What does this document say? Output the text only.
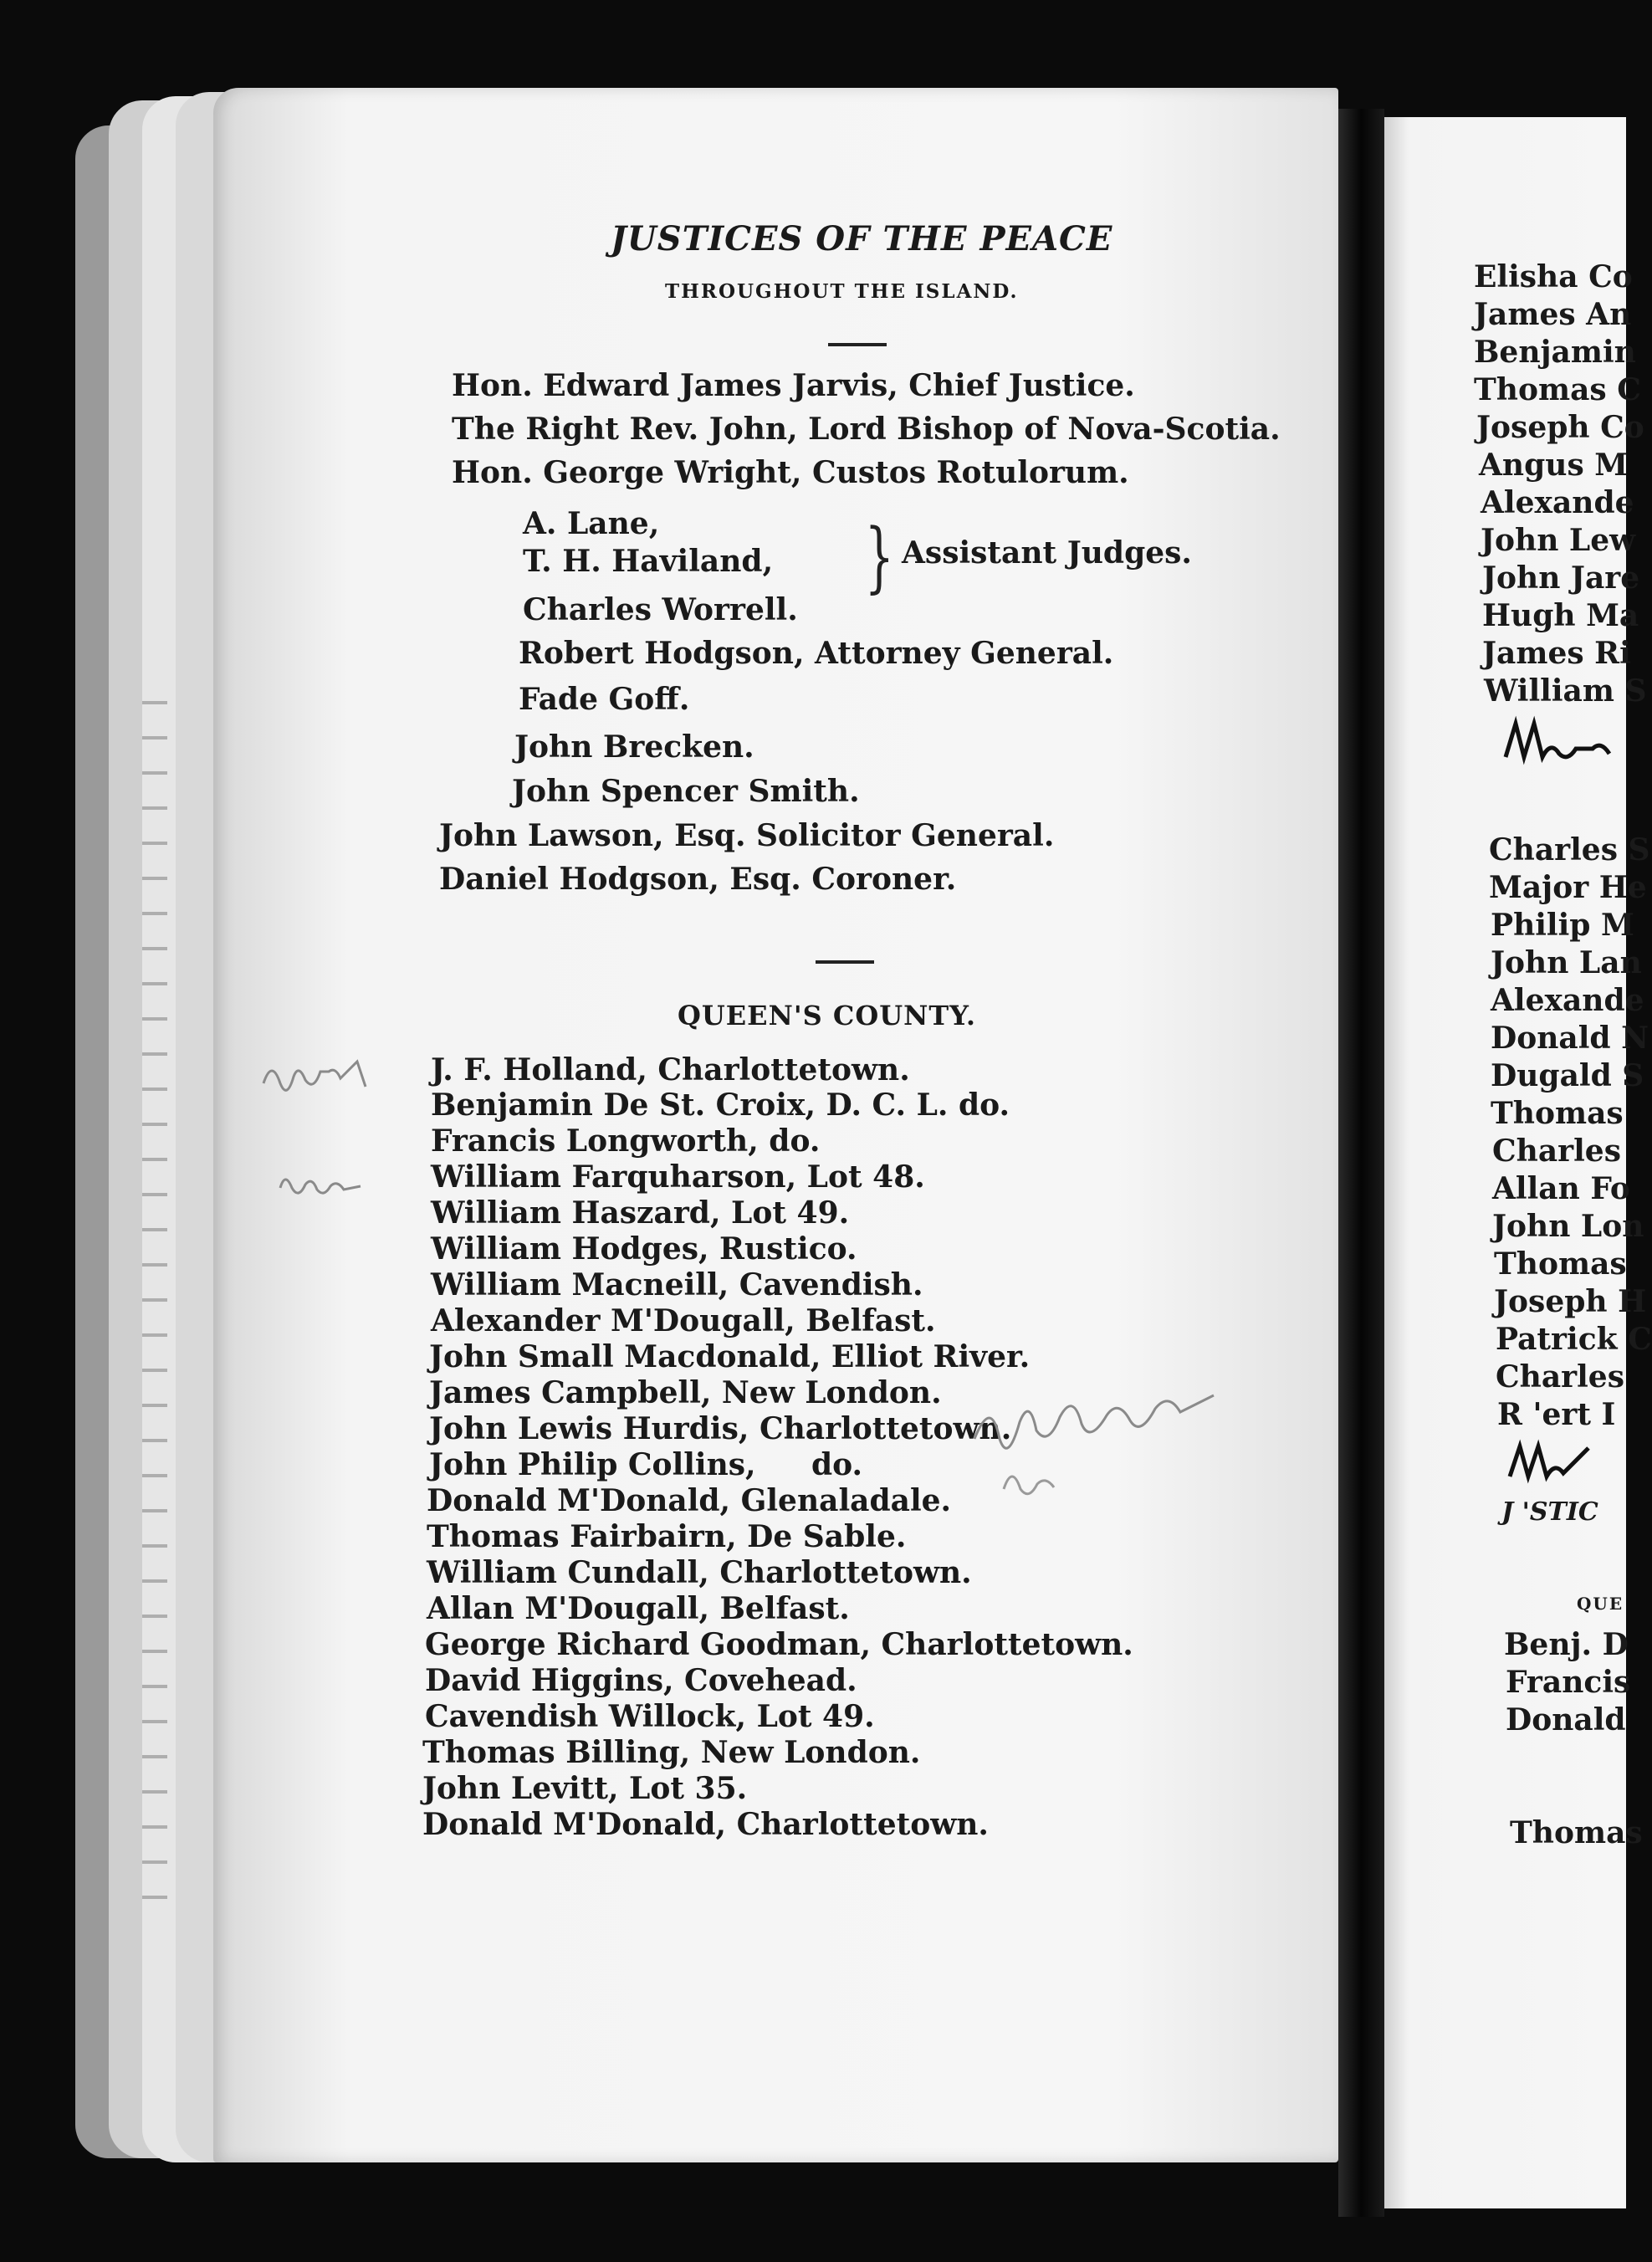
JUSTICES OF THE PEACE
THROUGHOUT THE ISLAND.
Hon. Edward James Jarvis, Chief Justice.
The Right Rev. John, Lord Bishop of Nova-Scotia.
Hon. George Wright, Custos Rotulorum.
A. Lane,
T. H. Haviland, } Assistant Judges.
Charles Worrell.
Robert Hodgson, Attorney General.
Fade Goff.
John Brecken.
John Spencer Smith.
John Lawson, Esq. Solicitor General.
Daniel Hodgson, Esq. Coroner.
QUEEN'S COUNTY.
J. F. Holland, Charlottetown.
Benjamin De St. Croix, D. C. L. do.
Francis Longworth, do.
William Farquharson, Lot 48.
William Haszard, Lot 49.
William Hodges, Rustico.
William Macneill, Cavendish.
Alexander M'Dougall, Belfast.
John Small Macdonald, Elliot River.
James Campbell, New London.
John Lewis Hurdis, Charlottetown.
John Philip Collins, do.
Donald M'Donald, Glenaladale.
Thomas Fairbairn, De Sable.
William Cundall, Charlottetown.
Allan M'Dougall, Belfast.
George Richard Goodman, Charlottetown.
David Higgins, Covehead.
Cavendish Willock, Lot 49.
Thomas Billing, New London.
John Levitt, Lot 35.
Donald M'Donald, Charlottetown.
Elisha Co
James An
Benjamin
Thomas C
Joseph Co
Angus M
Alexande
John Lew
John Jare
Hugh Ma
James Ri
William S
Charles S
Major He
Philip M
John Lan
Alexande
Donald N
Dugald S
Thomas
Charles
Allan Fo
John Lon
Thomas
Joseph H
Patrick C
Charles
R 'ert I
J 'STIC
QUE
Benj. D
Francis
Donald
Thomas
